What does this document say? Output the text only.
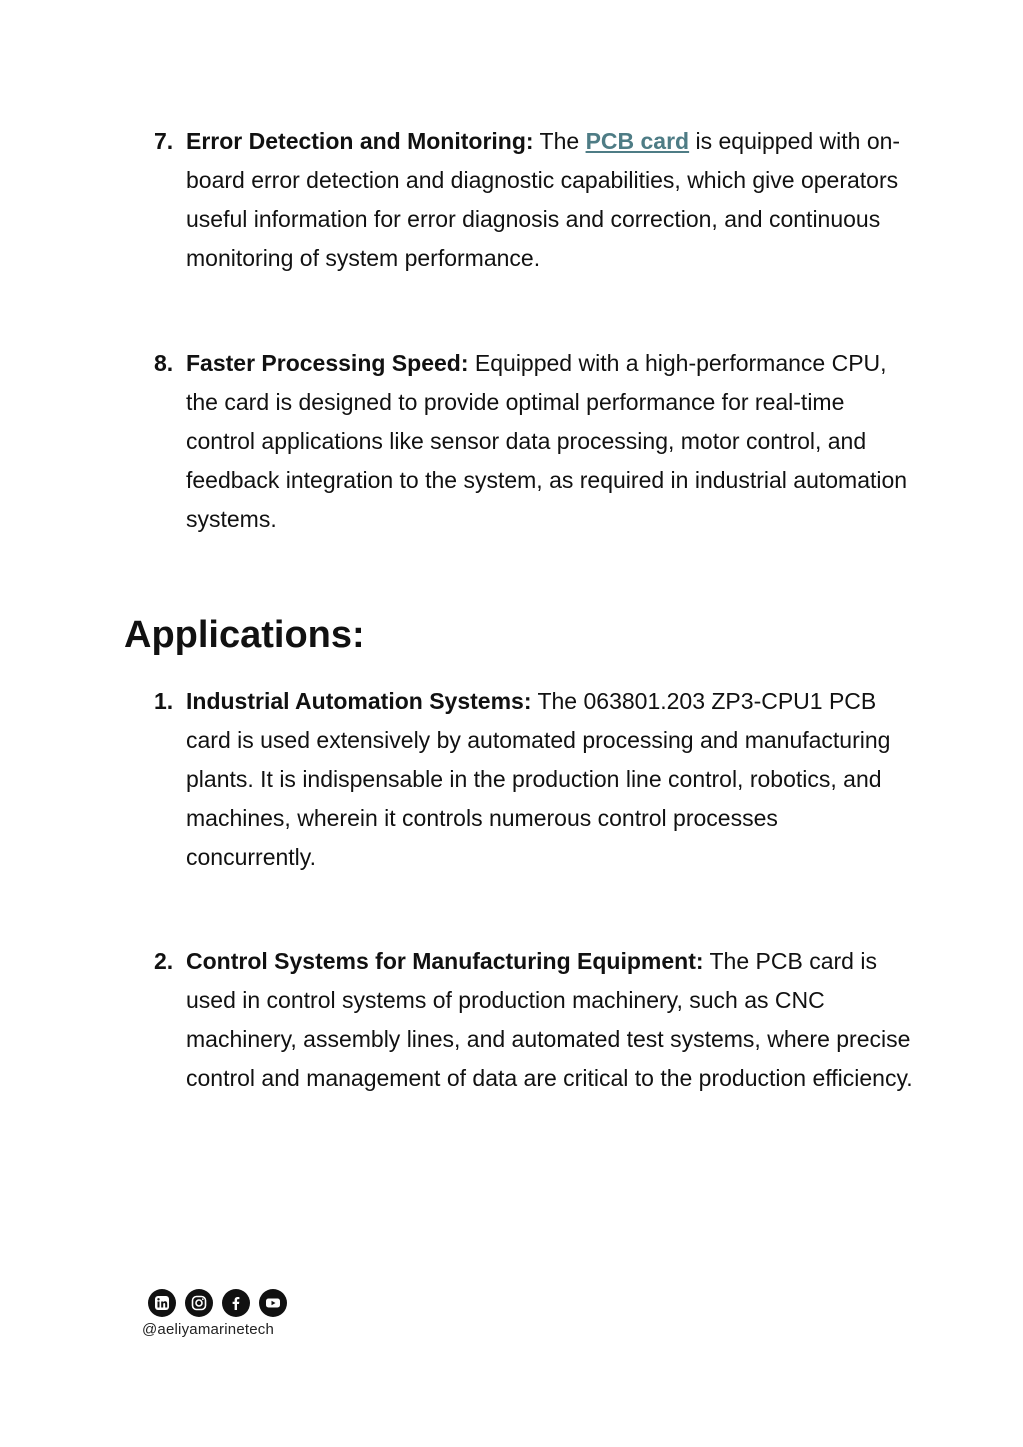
7. Error Detection and Monitoring: The PCB card is equipped with on-board error detection and diagnostic capabilities, which give operators useful information for error diagnosis and correction, and continuous monitoring of system performance.
8. Faster Processing Speed: Equipped with a high-performance CPU, the card is designed to provide optimal performance for real-time control applications like sensor data processing, motor control, and feedback integration to the system, as required in industrial automation systems.
Applications:
1. Industrial Automation Systems: The 063801.203 ZP3-CPU1 PCB card is used extensively by automated processing and manufacturing plants. It is indispensable in the production line control, robotics, and machines, wherein it controls numerous control processes concurrently.
2. Control Systems for Manufacturing Equipment: The PCB card is used in control systems of production machinery, such as CNC machinery, assembly lines, and automated test systems, where precise control and management of data are critical to the production efficiency.
@aeliyamarinetech
